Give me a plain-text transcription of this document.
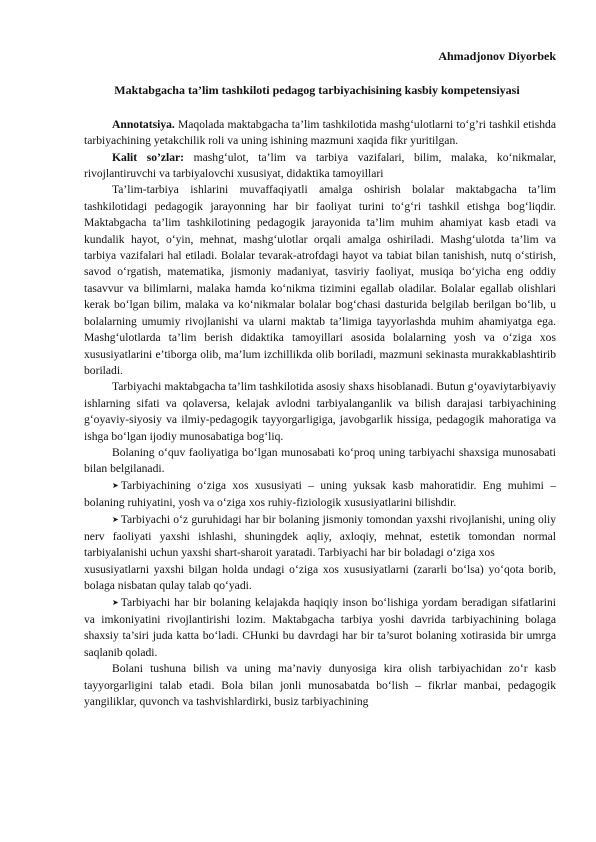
Ahmadjonov Diyorbek
Maktabgacha ta’lim tashkiloti pedagog tarbiyachisining kasbiy kompetensiyasi

Annotatsiya. Maqolada maktabgacha ta’lim tashkilotida mashg‘ulotlarni to‘g’ri tashkil etishda tarbiyachining yetakchilik roli va uning ishining mazmuni xaqida fikr yuritilgan.

Kalit so’zlar: mashg‘ulot, ta’lim va tarbiya vazifalari, bilim, malaka, ko‘nikmalar, rivojlantiruvchi va tarbiyalovchi xususiyat, didaktika tamoyillari

Ta’lim-tarbiya ishlarini muvaffaqiyatli amalga oshirish bolalar maktabgacha ta’lim tashkilotidagi pedagogik jarayonning har bir faoliyat turini to‘g‘ri tashkil etishga bog‘liqdir. Maktabgacha ta’lim tashkilotining pedagogik jarayonida ta’lim muhim ahamiyat kasb etadi va kundalik hayot, o‘yin, mehnat, mashg‘ulotlar orqali amalga oshiriladi. Mashg‘ulotda ta’lim va tarbiya vazifalari hal etiladi. Bolalar tevarak-atrofdagi hayot va tabiat bilan tanishish, nutq o‘stirish, savod o‘rgatish, matematika, jismoniy madaniyat, tasviriy faoliyat, musiqa bo‘yicha eng oddiy tasavvur va bilimlarni, malaka hamda ko‘nikma tizimini egallab oladilar. Bolalar egallab olishlari kerak bo‘lgan bilim, malaka va ko‘nikmalar bolalar bog‘chasi dasturida belgilab berilgan bo‘lib, u bolalarning umumiy rivojlanishi va ularni maktab ta’limiga tayyorlashda muhim ahamiyatga ega. Mashg‘ulotlarda ta’lim berish didaktika tamoyillari asosida bolalarning yosh va o‘ziga xos xususiyatlarini e’tiborga olib, ma’lum izchillikda olib boriladi, mazmuni sekinasta murakkablashtirib boriladi.

Tarbiyachi maktabgacha ta’lim tashkilotida asosiy shaxs hisoblanadi. Butun g‘oyaviytarbiyaviy ishlarning sifati va qolaversa, kelajak avlodni tarbiyalanganlik va bilish darajasi tarbiyachining g‘oyaviy-siyosiy va ilmiy-pedagogik tayyorgarligiga, javobgarlik hissiga, pedagogik mahoratiga va ishga bo‘lgan ijodiy munosabatiga bog‘liq.

Bolaning o‘quv faoliyatiga bo‘lgan munosabati ko‘proq uning tarbiyachi shaxsiga munosabati bilan belgilanadi.

➤ Tarbiyachining o‘ziga xos xususiyati – uning yuksak kasb mahoratidir. Eng muhimi – bolaning ruhiyatini, yosh va o‘ziga xos ruhiy-fiziologik xususiyatlarini bilishdir.

➤ Tarbiyachi o‘z guruhidagi har bir bolaning jismoniy tomondan yaxshi rivojlanishi, uning oliy nerv faoliyati yaxshi ishlashi, shuningdek aqliy, axloqiy, mehnat, estetik tomondan normal tarbiyalanishi uchun yaxshi shart-sharoit yaratadi. Tarbiyachi har bir boladagi o‘ziga xos

xususiyatlarni yaxshi bilgan holda undagi o‘ziga xos xususiyatlarni (zararli bo‘lsa) yo‘qota borib, bolaga nisbatan qulay talab qo‘yadi.

➤ Tarbiyachi har bir bolaning kelajakda haqiqiy inson bo‘lishiga yordam beradigan sifatlarini va imkoniyatini rivojlantirishi lozim. Maktabgacha tarbiya yoshi davrida tarbiyachining bolaga shaxsiy ta’siri juda katta bo‘ladi. CHunki bu davrdagi har bir ta’surot bolaning xotirasida bir umrga saqlanib qoladi.

Bolani tushuna bilish va uning ma’naviy dunyosiga kira olish tarbiyachidan zo‘r kasb tayyorgarligini talab etadi. Bola bilan jonli munosabatda bo‘lish – fikrlar manbai, pedagogik yangiliklar, quvonch va tashvishlardirki, busiz tarbiyachining
